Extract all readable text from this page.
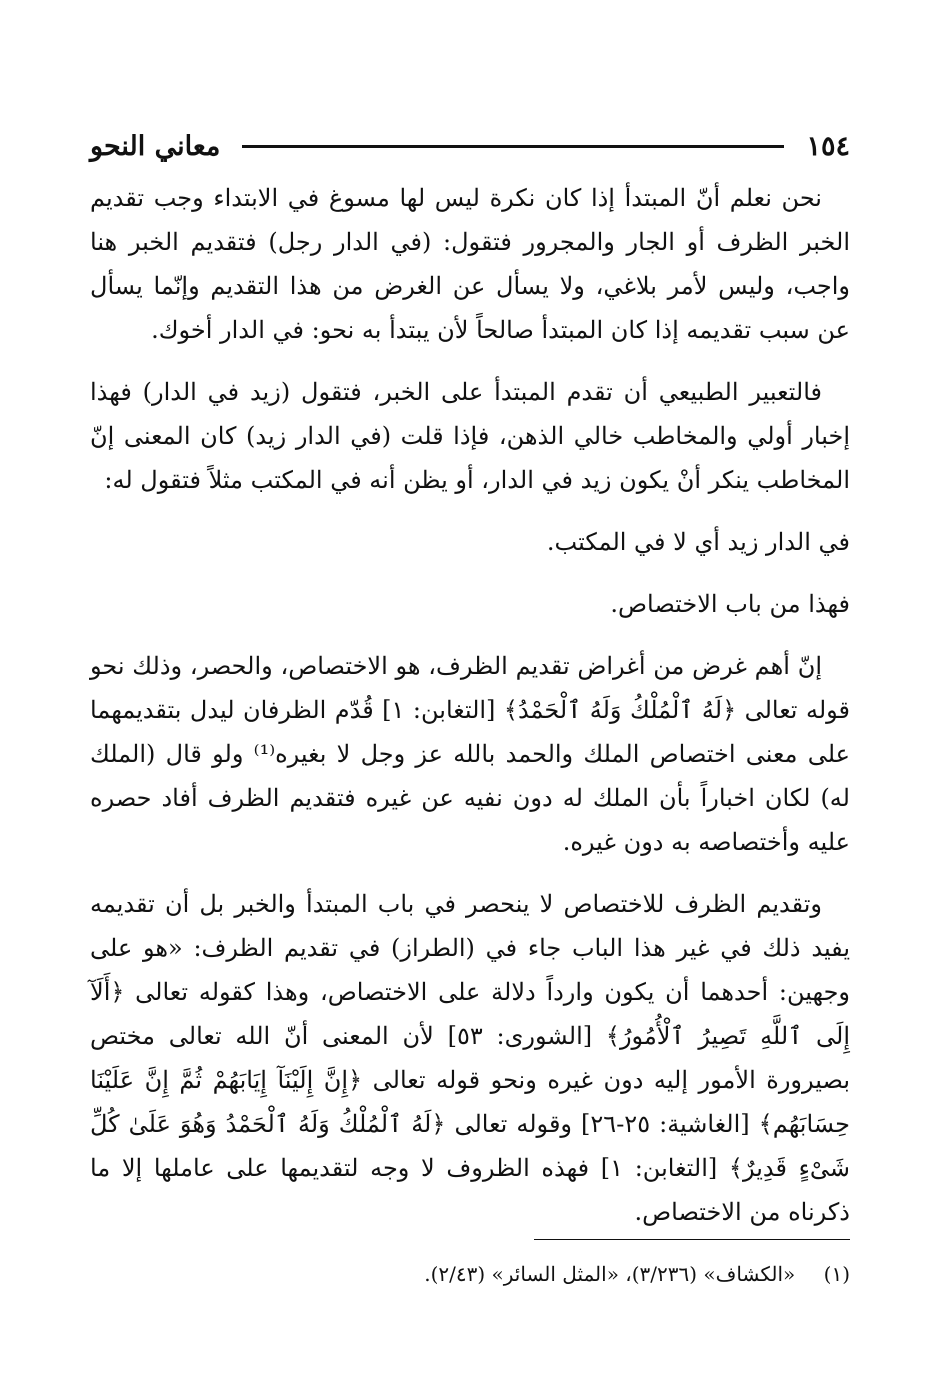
١٥٤
معاني النحو

نحن نعلم أنّ المبتدأ إذا كان نكرة ليس لها مسوغ في الابتداء وجب تقديم الخبر الظرف أو الجار والمجرور فتقول: (في الدار رجل) فتقديم الخبر هنا واجب، وليس لأمر بلاغي، ولا يسأل عن الغرض من هذا التقديم وإنّما يسأل عن سبب تقديمه إذا كان المبتدأ صالحاً لأن يبتدأ به نحو: في الدار أخوك.

فالتعبير الطبيعي أن تقدم المبتدأ على الخبر، فتقول (زيد في الدار) فهذا إخبار أولي والمخاطب خالي الذهن، فإذا قلت (في الدار زيد) كان المعنى إنّ المخاطب ينكر أنْ يكون زيد في الدار، أو يظن أنه في المكتب مثلاً فتقول له:

في الدار زيد أي لا في المكتب.

فهذا من باب الاختصاص.

إنّ أهم غرض من أغراض تقديم الظرف، هو الاختصاص، والحصر، وذلك نحو قوله تعالى ﴿لَهُ ٱلْمُلْكُ وَلَهُ ٱلْحَمْدُ﴾ [التغابن: ١] قُدّم الظرفان ليدل بتقديمهما على معنى اختصاص الملك والحمد بالله عز وجل لا بغيره⁽¹⁾ ولو قال (الملك له) لكان اخباراً بأن الملك له دون نفيه عن غيره فتقديم الظرف أفاد حصره عليه وأختصاصه به دون غيره.

وتقديم الظرف للاختصاص لا ينحصر في باب المبتدأ والخبر بل أن تقديمه يفيد ذلك في غير هذا الباب جاء في (الطراز) في تقديم الظرف: «هو على وجهين: أحدهما أن يكون وارداً دلالة على الاختصاص، وهذا كقوله تعالى ﴿أَلَآ إِلَى ٱللَّهِ تَصِيرُ ٱلْأُمُورُ﴾ [الشورى: ٥٣] لأن المعنى أنّ الله تعالى مختص بصيرورة الأمور إليه دون غيره ونحو قوله تعالى ﴿إِنَّ إِلَيْنَآ إِيَابَهُمْ ثُمَّ إِنَّ عَلَيْنَا حِسَابَهُم﴾ [الغاشية: ٢٥-٢٦] وقوله تعالى ﴿لَهُ ٱلْمُلْكُ وَلَهُ ٱلْحَمْدُ وَهُوَ عَلَىٰ كُلِّ شَىْءٍ قَدِيرٌ﴾ [التغابن: ١] فهذه الظروف لا وجه لتقديمها على عاملها إلا ما ذكرناه من الاختصاص.

(١) «الكشاف» (٣/٢٣٦)، «المثل السائر» (٢/٤٣).
